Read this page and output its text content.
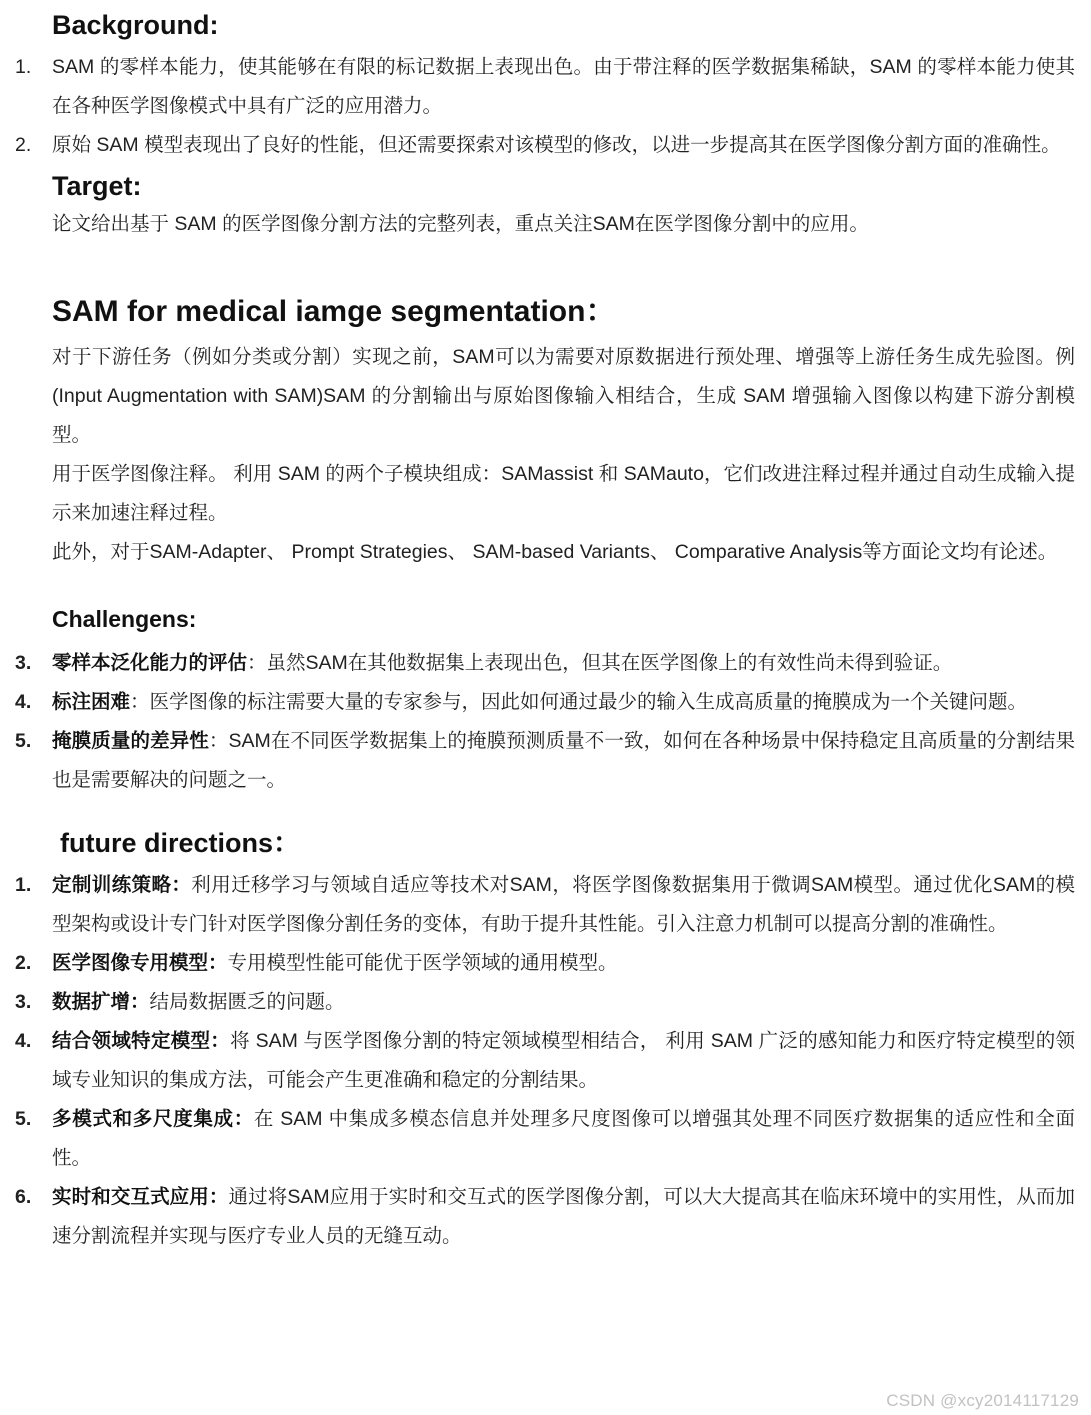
Background:
1.	SAM 的零样本能力，使其能够在有限的标记数据上表现出色。由于带注释的医学数据集稀缺，SAM 的零样本能力使其在各种医学图像模式中具有广泛的应用潜力。
2.	原始 SAM 模型表现出了良好的性能，但还需要探索对该模型的修改，以进一步提高其在医学图像分割方面的准确性。
Target:

论文给出基于 SAM 的医学图像分割方法的完整列表，重点关注SAM在医学图像分割中的应用。

SAM for medical iamge segmentation：

对于下游任务（例如分类或分割）实现之前，SAM可以为需要对原数据进行预处理、增强等上游任务生成先验图。例(Input Augmentation with SAM)SAM 的分割输出与原始图像输入相结合，生成 SAM 增强输入图像以构建下游分割模型。

用于医学图像注释。 利用 SAM 的两个子模块组成：SAMassist 和 SAMauto，它们改进注释过程并通过自动生成输入提示来加速注释过程。

此外，对于SAM-Adapter、 Prompt Strategies、 SAM-based Variants、 Comparative Analysis等方面论文均有论述。

Challengens:
3.	零样本泛化能力的评估：虽然SAM在其他数据集上表现出色，但其在医学图像上的有效性尚未得到验证。
4.	标注困难：医学图像的标注需要大量的专家参与，因此如何通过最少的输入生成高质量的掩膜成为一个关键问题。
5.	掩膜质量的差异性：SAM在不同医学数据集上的掩膜预测质量不一致，如何在各种场景中保持稳定且高质量的分割结果也是需要解决的问题之一。
future directions：
1.	定制训练策略：利用迁移学习与领域自适应等技术对SAM，将医学图像数据集用于微调SAM模型。通过优化SAM的模型架构或设计专门针对医学图像分割任务的变体，有助于提升其性能。引入注意力机制可以提高分割的准确性。
2.	医学图像专用模型：专用模型性能可能优于医学领域的通用模型。
3.	数据扩增：结局数据匮乏的问题。
4.	结合领域特定模型：将 SAM 与医学图像分割的特定领域模型相结合， 利用 SAM 广泛的感知能力和医疗特定模型的领域专业知识的集成方法，可能会产生更准确和稳定的分割结果。
5.	多模式和多尺度集成：在 SAM 中集成多模态信息并处理多尺度图像可以增强其处理不同医疗数据集的适应性和全面性。
6.	实时和交互式应用：通过将SAM应用于实时和交互式的医学图像分割，可以大大提高其在临床环境中的实用性，从而加速分割流程并实现与医疗专业人员的无缝互动。
CSDN @xcy2014117129
